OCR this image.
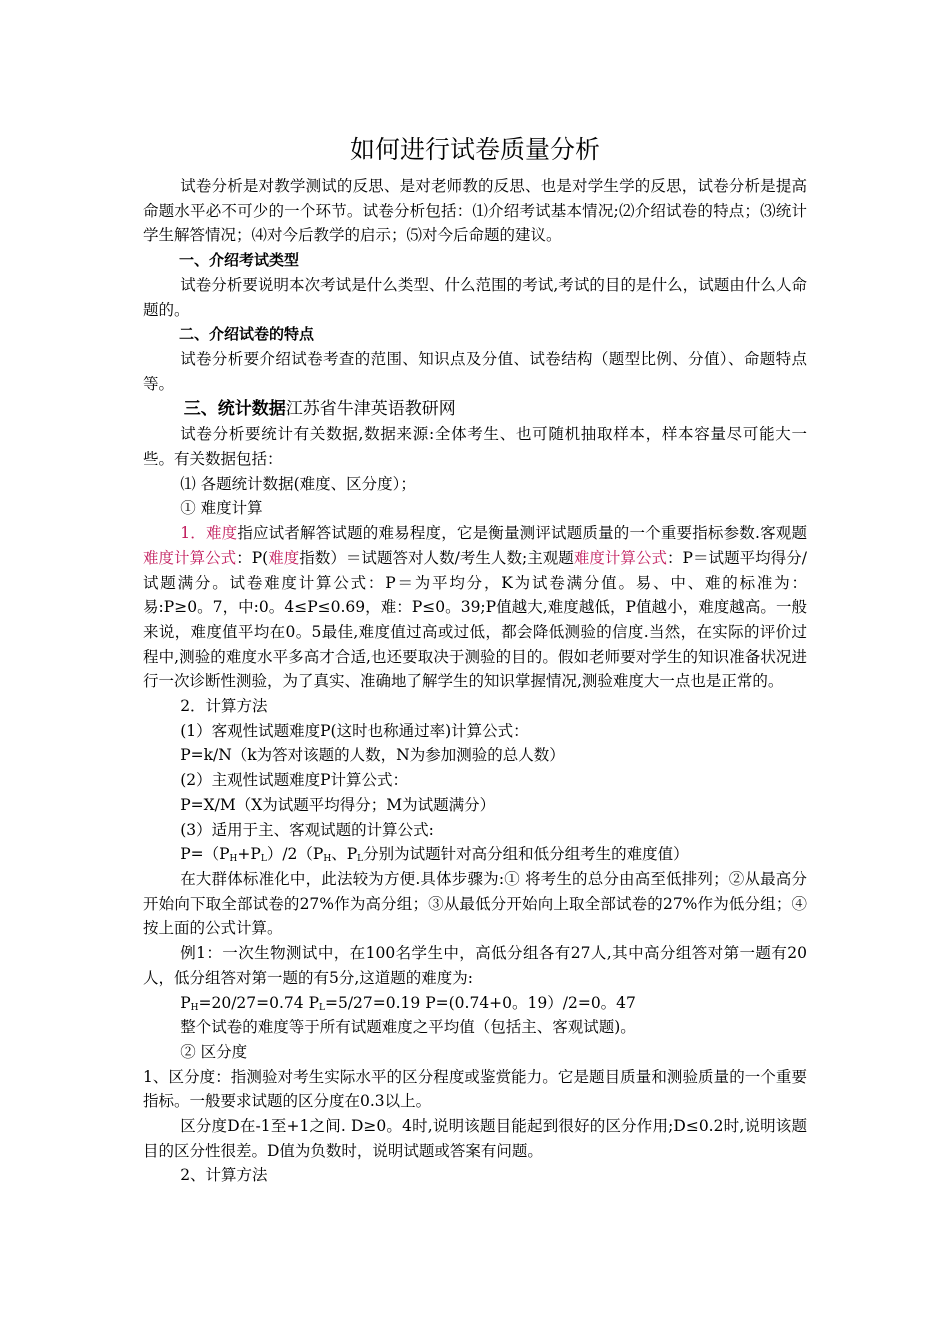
如何进行试卷质量分析

试卷分析是对教学测试的反思、是对老师教的反思、也是对学生学的反思，试卷分析是提高命题水平必不可少的一个环节。试卷分析包括：⑴介绍考试基本情况;⑵介绍试卷的特点；⑶统计学生解答情况；⑷对今后教学的启示；⑸对今后命题的建议。

一、介绍考试类型

试卷分析要说明本次考试是什么类型、什么范围的考试,考试的目的是什么，试题由什么人命题的。

二、介绍试卷的特点

试卷分析要介绍试卷考查的范围、知识点及分值、试卷结构（题型比例、分值）、命题特点等。

三、统计数据江苏省牛津英语教研网

试卷分析要统计有关数据,数据来源:全体考生、也可随机抽取样本，样本容量尽可能大一些。有关数据包括：

⑴ 各题统计数据(难度、区分度）；

① 难度计算

1．难度指应试者解答试题的难易程度，它是衡量测评试题质量的一个重要指标参数.客观题难度计算公式：P(难度指数）＝试题答对人数/考生人数;主观题难度计算公式：P＝试题平均得分/试题满分。试卷难度计算公式：P＝为平均分，K为试卷满分值。易、中、难的标准为：易:P≥0。7，中:0。4≤P≤0.69，难：P≤0。39;P值越大,难度越低，P值越小，难度越高。一般来说，难度值平均在0。5最佳,难度值过高或过低，都会降低测验的信度.当然，在实际的评价过程中,测验的难度水平多高才合适,也还要取决于测验的目的。假如老师要对学生的知识准备状况进行一次诊断性测验，为了真实、准确地了解学生的知识掌握情况,测验难度大一点也是正常的。

2．计算方法

(1）客观性试题难度P(这时也称通过率)计算公式：

P=k/N（k为答对该题的人数，N为参加测验的总人数）

(2）主观性试题难度P计算公式：

P=X/M（X为试题平均得分；M为试题满分）

(3）适用于主、客观试题的计算公式:

$P=(P_H+P_L)/2(P_H$、$P_L$分别为试题针对高分组和低分组考生的难度值）

在大群体标准化中，此法较为方便.具体步骤为:① 将考生的总分由高至低排列；②从最高分开始向下取全部试卷的27%作为高分组；③从最低分开始向上取全部试卷的27%作为低分组；④按上面的公式计算。

例1：一次生物测试中，在100名学生中，高低分组各有27人,其中高分组答对第一题有20人，低分组答对第一题的有5分,这道题的难度为:

$P_H=20/27=0.74$ $P_L=5/27=0.19$ P=(0.74+0。19）/2=0。47

整个试卷的难度等于所有试题难度之平均值（包括主、客观试题)。

② 区分度

1、区分度：指测验对考生实际水平的区分程度或鉴赏能力。它是题目质量和测验质量的一个重要指标。一般要求试题的区分度在0.3以上。

区分度D在-1至+1之间. D≥0。4时,说明该题目能起到很好的区分作用;D≤0.2时,说明该题目的区分性很差。D值为负数时，说明试题或答案有问题。

2、计算方法
